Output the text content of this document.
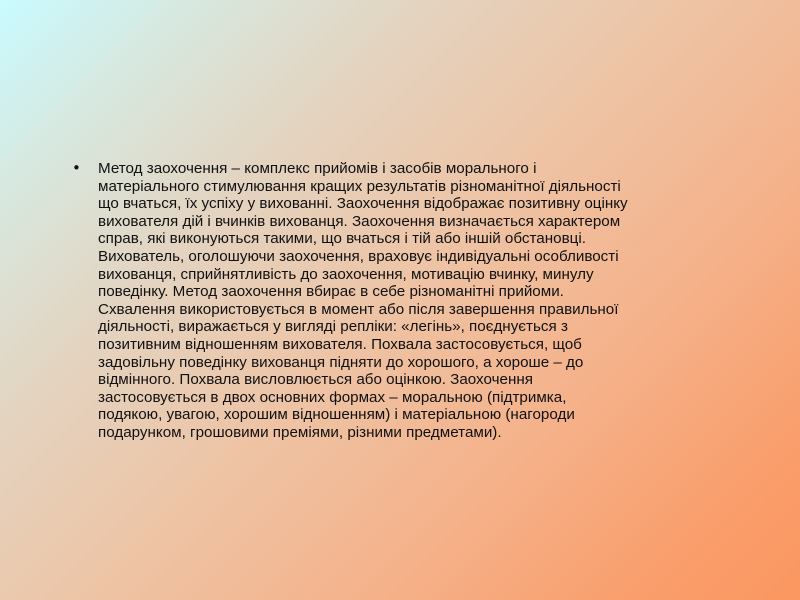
• Метод заохочення – комплекс прийомів і засобів морального і
матеріального стимулювання кращих результатів різноманітної діяльності
що вчаться, їх успіху у вихованні. Заохочення відображає позитивну оцінку
вихователя дій і вчинків вихованця. Заохочення визначається характером
справ, які виконуються такими, що вчаться і тій або іншій обстановці.
Вихователь, оголошуючи заохочення, враховує індивідуальні особливості
вихованця, сприйнятливість до заохочення, мотивацію вчинку, минулу
поведінку. Метод заохочення вбирає в себе різноманітні прийоми.
Схвалення використовується в момент або після завершення правильної
діяльності, виражається у вигляді репліки: «легінь», поєднується з
позитивним відношенням вихователя. Похвала застосовується, щоб
задовільну поведінку вихованця підняти до хорошого, а хороше – до
відмінного. Похвала висловлюється або оцінкою. Заохочення
застосовується в двох основних формах – моральною (підтримка,
подякою, увагою, хорошим відношенням) і матеріальною (нагороди
подарунком, грошовими преміями, різними предметами).
